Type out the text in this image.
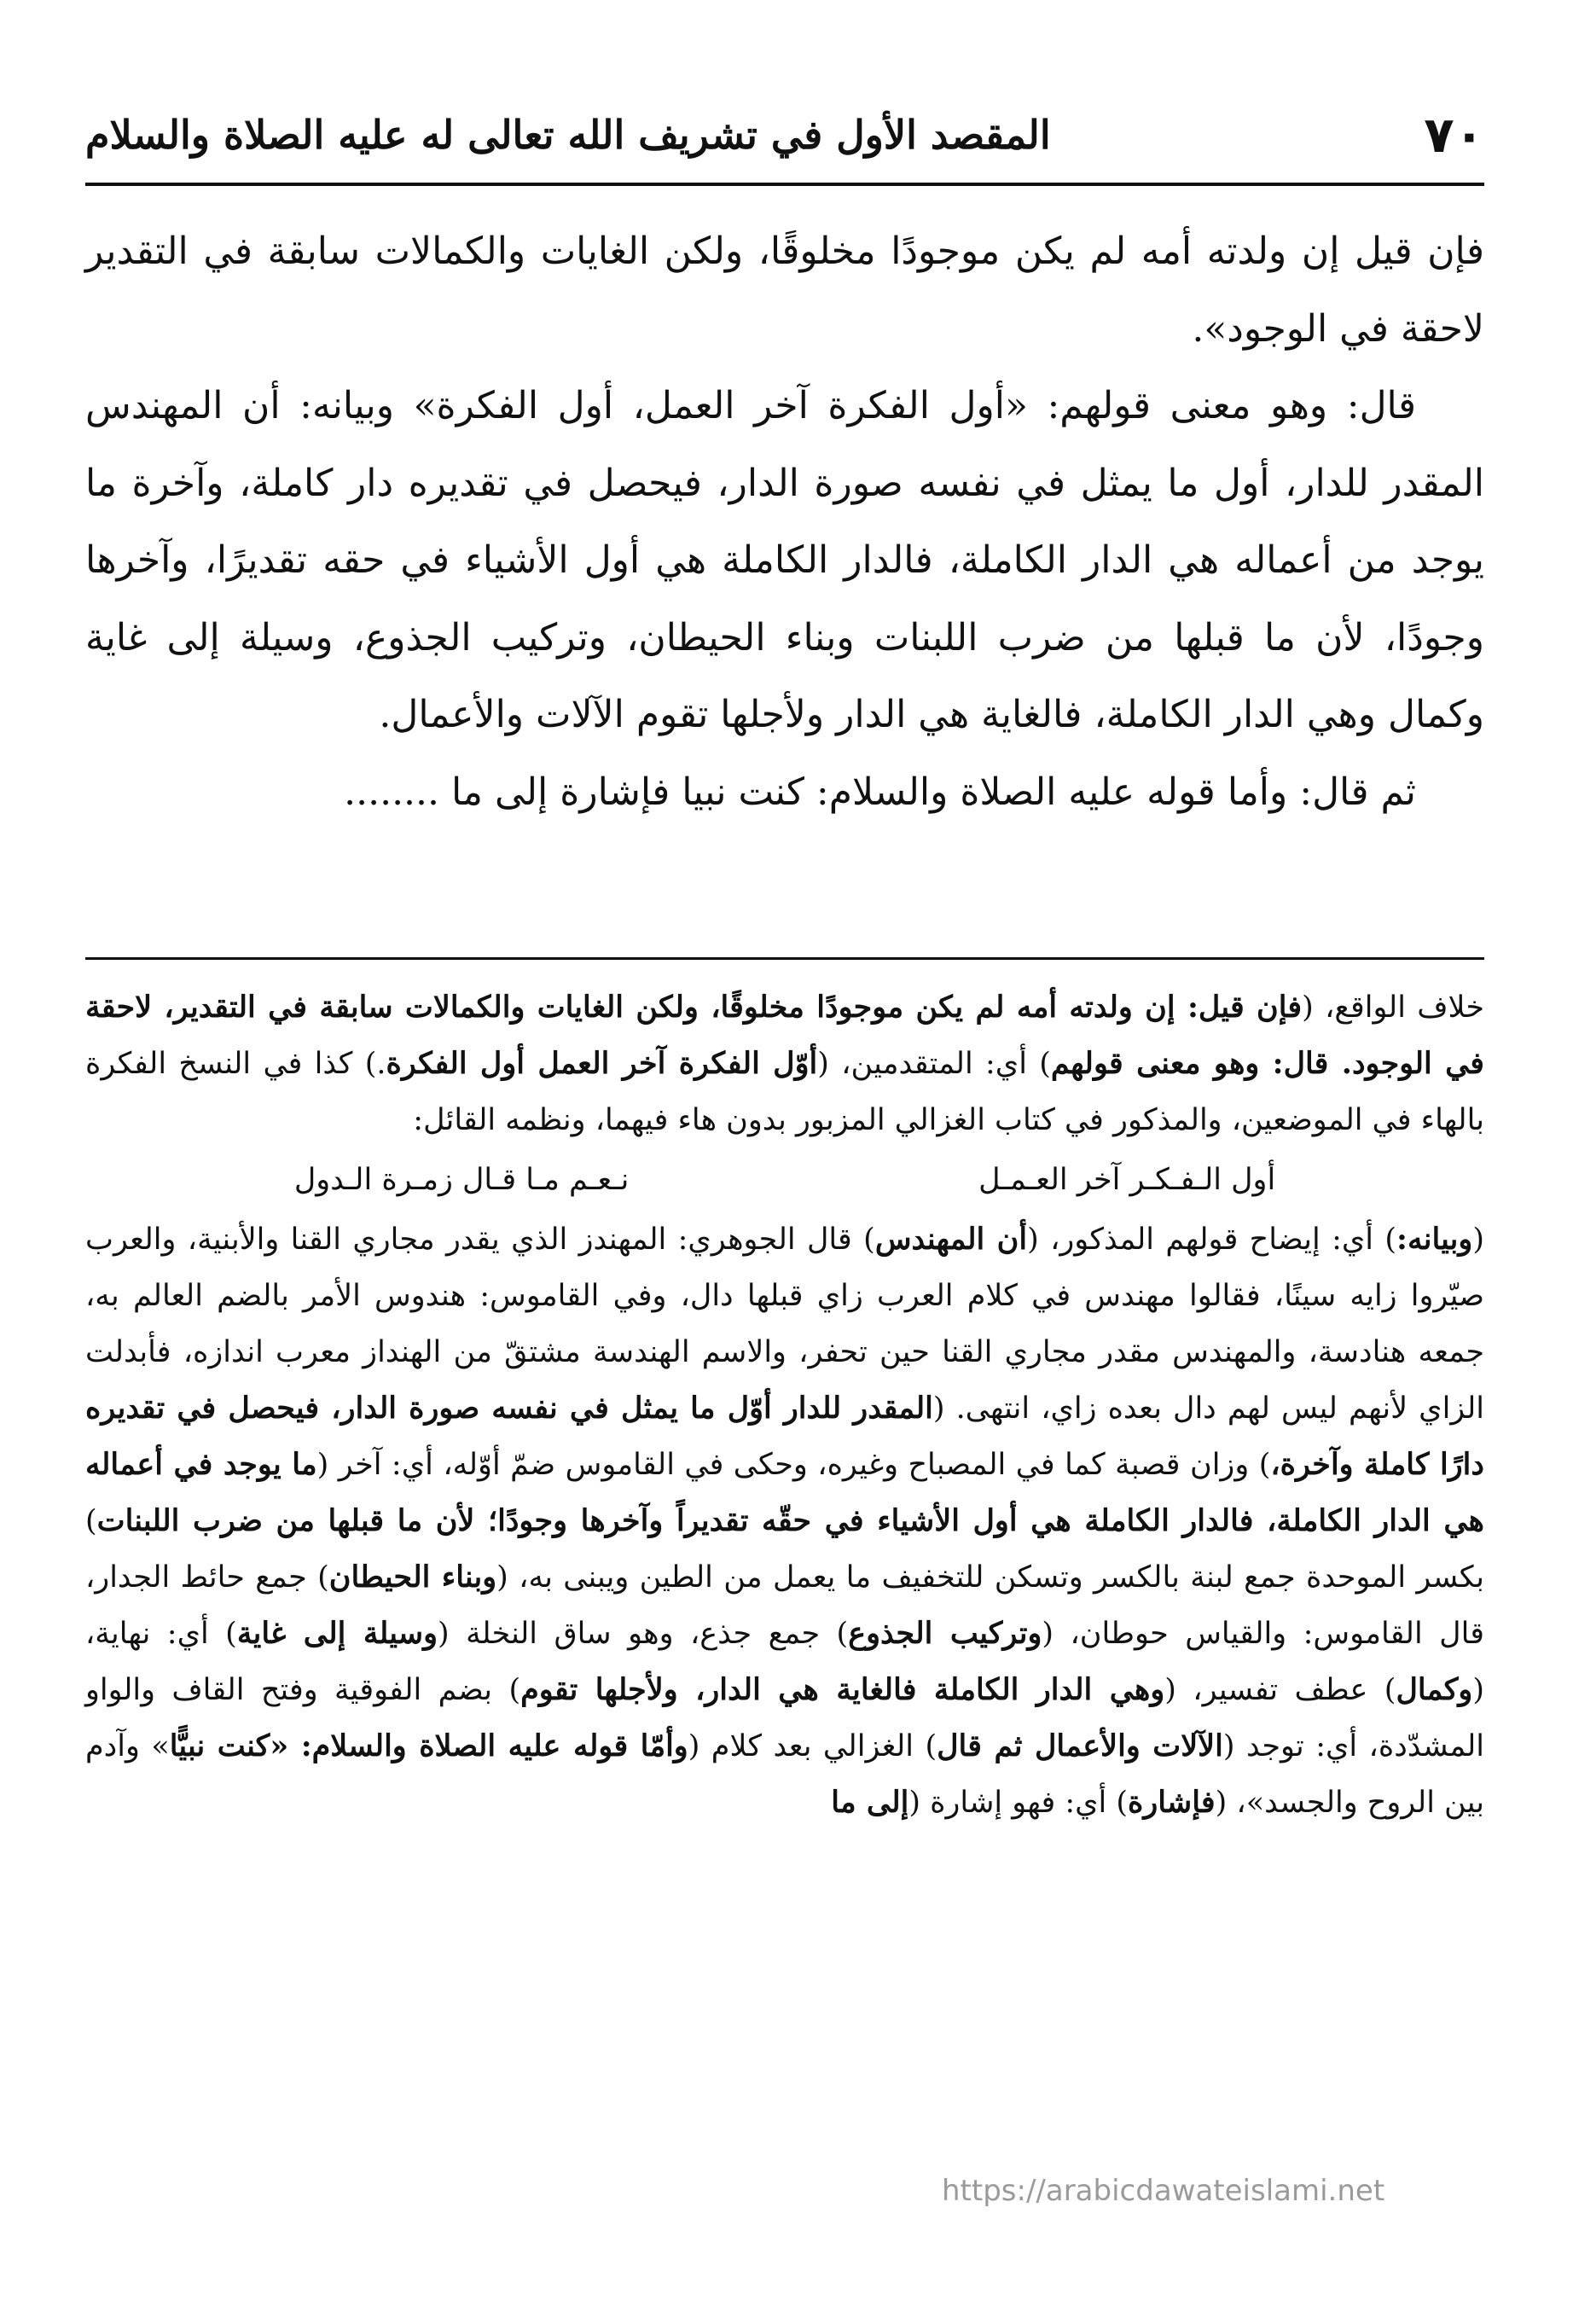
٧٠
المقصد الأول في تشريف الله تعالى له عليه الصلاة والسلام

فإن قيل إن ولدته أمه لم يكن موجودًا مخلوقًا، ولكن الغايات والكمالات سابقة في التقدير لاحقة في الوجود».

قال: وهو معنى قولهم: «أول الفكرة آخر العمل، أول الفكرة» وبيانه: أن المهندس المقدر للدار، أول ما يمثل في نفسه صورة الدار، فيحصل في تقديره دار كاملة، وآخرة ما يوجد من أعماله هي الدار الكاملة، فالدار الكاملة هي أول الأشياء في حقه تقديرًا، وآخرها وجودًا، لأن ما قبلها من ضرب اللبنات وبناء الحيطان، وتركيب الجذوع، وسيلة إلى غاية وكمال وهي الدار الكاملة، فالغاية هي الدار ولأجلها تقوم الآلات والأعمال.

ثم قال: وأما قوله عليه الصلاة والسلام: كنت نبيا فإشارة إلى ما ........

خلاف الواقع، (فإن قيل: إن ولدته أمه لم يكن موجودًا مخلوقًا، ولكن الغايات والكمالات سابقة في التقدير، لاحقة في الوجود. قال: وهو معنى قولهم) أي: المتقدمين، (أوّل الفكرة آخر العمل أول الفكرة.) كذا في النسخ الفكرة بالهاء في الموضعين، والمذكور في كتاب الغزالي المزبور بدون هاء فيهما، ونظمه القائل:

أول الـفـكـر آخر العـمـل
نـعـم مـا قـال زمـرة الـدول

(وبيانه:) أي: إيضاح قولهم المذكور، (أن المهندس) قال الجوهري: المهندز الذي يقدر مجاري القنا والأبنية، والعرب صيّروا زايه سينًا، فقالوا مهندس في كلام العرب زاي قبلها دال، وفي القاموس: هندوس الأمر بالضم العالم به، جمعه هنادسة، والمهندس مقدر مجاري القنا حين تحفر، والاسم الهندسة مشتقّ من الهنداز معرب اندازه، فأبدلت الزاي لأنهم ليس لهم دال بعده زاي، انتهى. (المقدر للدار أوّل ما يمثل في نفسه صورة الدار، فيحصل في تقديره دارًا كاملة وآخرة،) وزان قصبة كما في المصباح وغيره، وحكى في القاموس ضمّ أوّله، أي: آخر (ما يوجد في أعماله هي الدار الكاملة، فالدار الكاملة هي أول الأشياء في حقّه تقديراً وآخرها وجودًا؛ لأن ما قبلها من ضرب اللبنات) بكسر الموحدة جمع لبنة بالكسر وتسكن للتخفيف ما يعمل من الطين ويبنى به، (وبناء الحيطان) جمع حائط الجدار، قال القاموس: والقياس حوطان، (وتركيب الجذوع) جمع جذع، وهو ساق النخلة (وسيلة إلى غاية) أي: نهاية، (وكمال) عطف تفسير، (وهي الدار الكاملة فالغاية هي الدار، ولأجلها تقوم) بضم الفوقية وفتح القاف والواو المشدّدة، أي: توجد (الآلات والأعمال ثم قال) الغزالي بعد كلام (وأمّا قوله عليه الصلاة والسلام: «كنت نبيًّا» وآدم بين الروح والجسد»، (فإشارة) أي: فهو إشارة (إلى ما

https://arabicdawateislami.net
